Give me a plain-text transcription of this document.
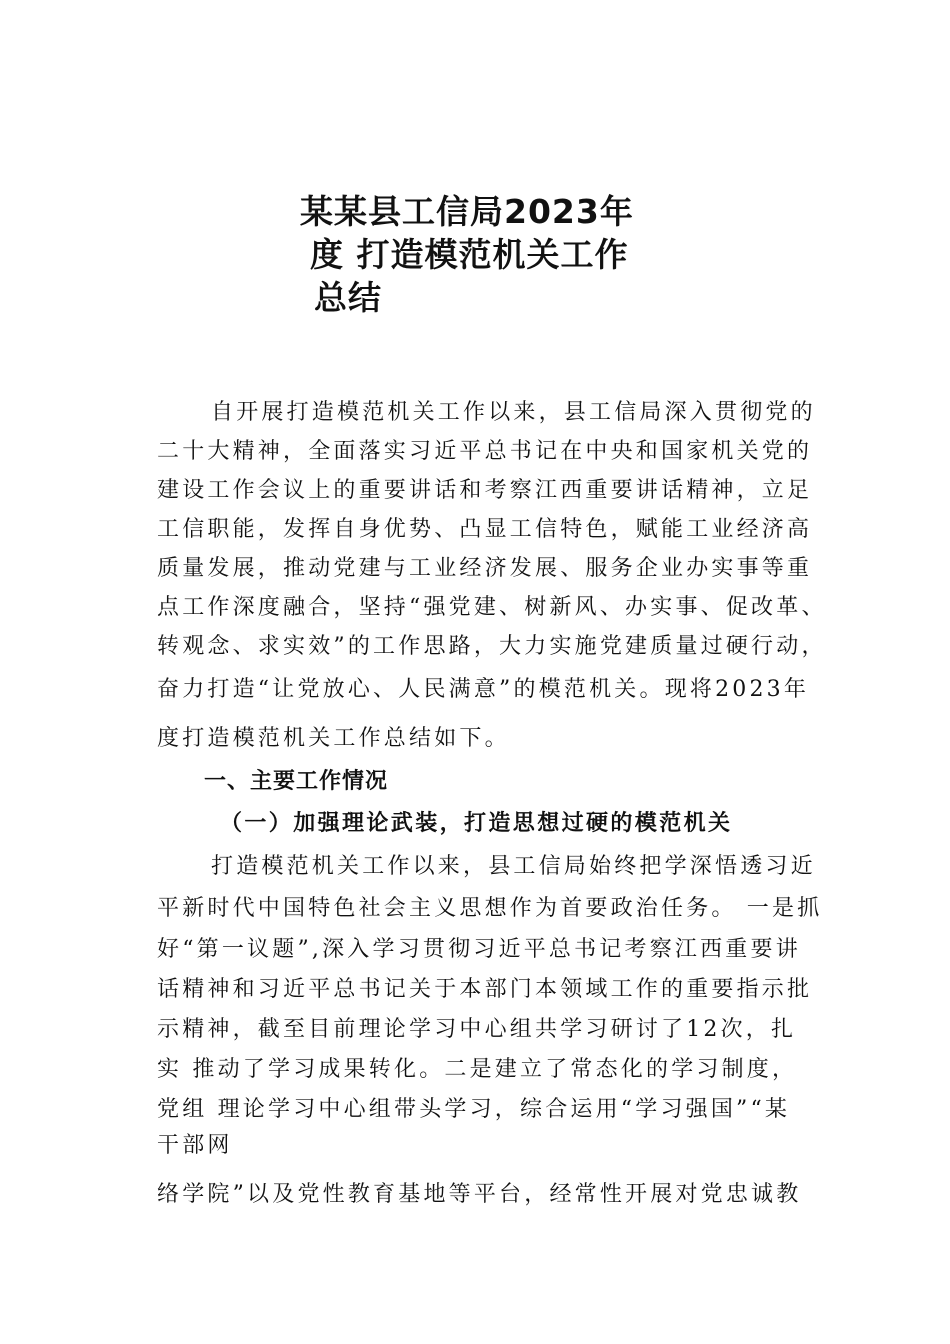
某某县工信局2023年
度 打造模范机关工作
总结

自开展打造模范机关工作以来，县工信局深入贯彻党的

二十大精神，全面落实习近平总书记在中央和国家机关党的

建设工作会议上的重要讲话和考察江西重要讲话精神，立足

工信职能，发挥自身优势、凸显工信特色，赋能工业经济高

质量发展，推动党建与工业经济发展、服务企业办实事等重

点工作深度融合，坚持“强党建、树新风、办实事、促改革、

转观念、求实效”的工作思路，大力实施党建质量过硬行动，

奋力打造“让党放心、人民满意”的模范机关。现将2023年

度打造模范机关工作总结如下。

一、主要工作情况
（一）加强理论武装，打造思想过硬的模范机关

打造模范机关工作以来，县工信局始终把学深悟透习近

平新时代中国特色社会主义思想作为首要政治任务。 一是抓

好“第一议题”,深入学习贯彻习近平总书记考察江西重要讲

话精神和习近平总书记关于本部门本领域工作的重要指示批

示精神，截至目前理论学习中心组共学习研讨了12次，扎

实 推动了学习成果转化。二是建立了常态化的学习制度，

党组 理论学习中心组带头学习，综合运用“学习强国”“某

干部网

络学院”以及党性教育基地等平台，经常性开展对党忠诚教
